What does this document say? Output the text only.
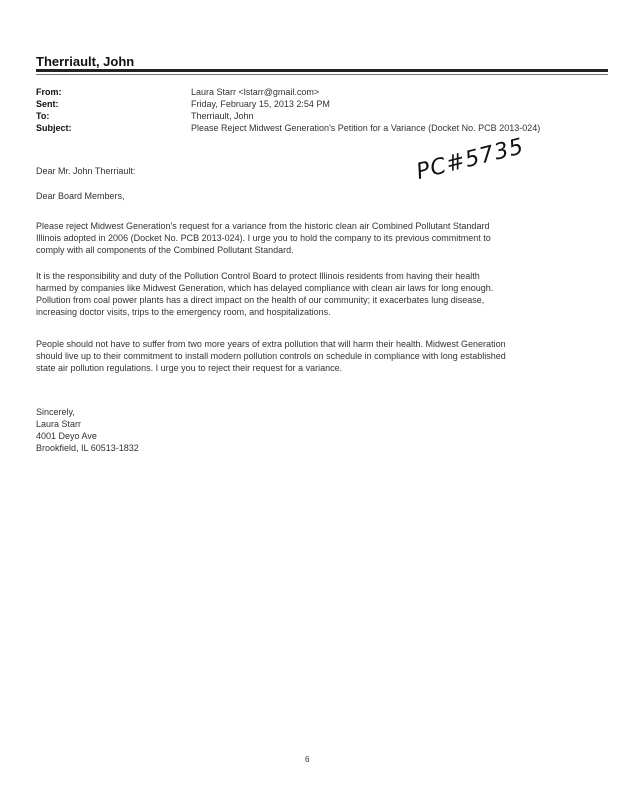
Therriault, John
From:	Laura Starr <lstarr@gmail.com>
Sent:	Friday, February 15, 2013 2:54 PM
To:	Therriault, John
Subject:	Please Reject Midwest Generation's Petition for a Variance (Docket No. PCB 2013-024)
Dear Mr. John Therriault:
Dear Board Members,
PC#5735
Please reject Midwest Generation's request for a variance from the historic clean air Combined Pollutant Standard
Illinois adopted in 2006 (Docket No. PCB 2013-024). I urge you to hold the company to its previous commitment to
comply with all components of the Combined Pollutant Standard.
It is the responsibility and duty of the Pollution Control Board to protect Illinois residents from having their health
harmed by companies like Midwest Generation, which has delayed compliance with clean air laws for long enough.
Pollution from coal power plants has a direct impact on the health of our community; it exacerbates lung disease,
increasing doctor visits, trips to the emergency room, and hospitalizations.
People should not have to suffer from two more years of extra pollution that will harm their health. Midwest Generation
should live up to their commitment to install modern pollution controls on schedule in compliance with long established
state air pollution regulations. I urge you to reject their request for a variance.
Sincerely,
Laura Starr
4001 Deyo Ave
Brookfield, IL 60513-1832
6
